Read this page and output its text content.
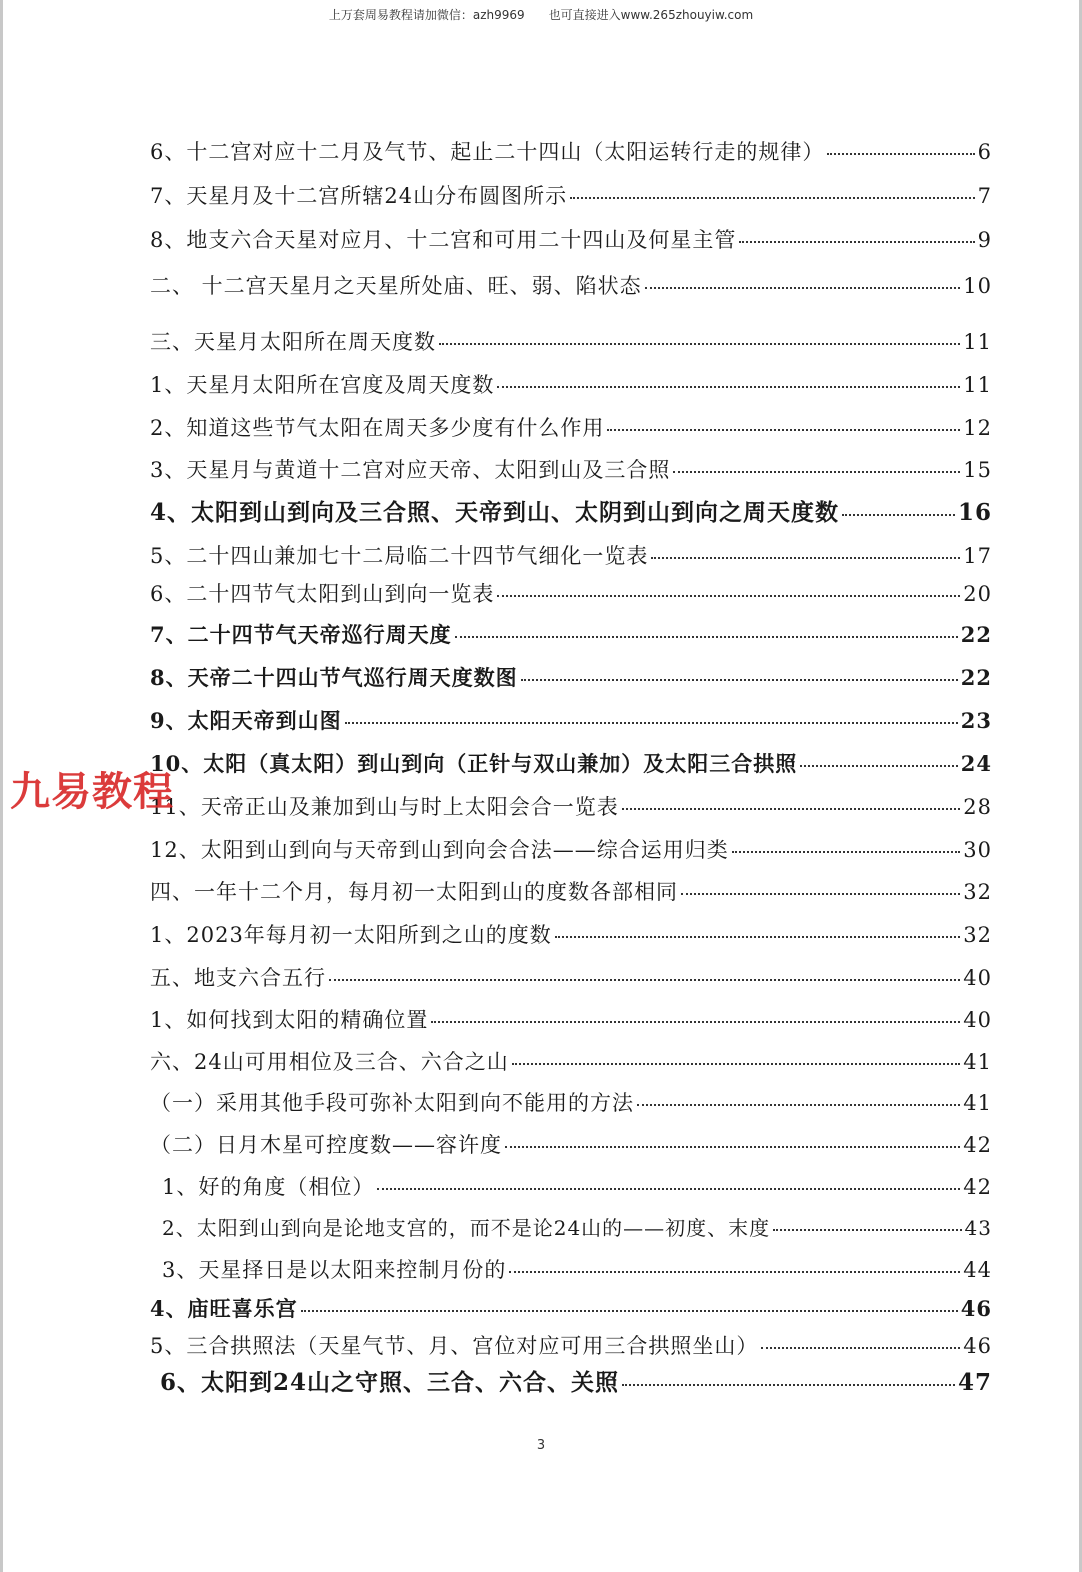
上万套周易教程请加微信：azh9969　　也可直接进入www.265zhouyiw.com
6、十二宫对应十二月及气节、起止二十四山（太阳运转行走的规律）	6
7、天星月及十二宫所辖24山分布圆图所示	7
8、地支六合天星对应月、十二宫和可用二十四山及何星主管	9
二、 十二宫天星月之天星所处庙、旺、弱、陷状态	10
三、天星月太阳所在周天度数	11
1、天星月太阳所在宫度及周天度数	11
2、知道这些节气太阳在周天多少度有什么作用	12
3、天星月与黄道十二宫对应天帝、太阳到山及三合照	15
4、太阳到山到向及三合照、天帝到山、太阴到山到向之周天度数	16
5、二十四山兼加七十二局临二十四节气细化一览表	17
6、二十四节气太阳到山到向一览表	20
7、二十四节气天帝巡行周天度	22
8、天帝二十四山节气巡行周天度数图	22
9、太阳天帝到山图	23
10、太阳（真太阳）到山到向（正针与双山兼加）及太阳三合拱照	24
11、天帝正山及兼加到山与时上太阳会合一览表	28
12、太阳到山到向与天帝到山到向会合法——综合运用归类	30
四、一年十二个月，每月初一太阳到山的度数各部相同	32
1、2023年每月初一太阳所到之山的度数	32
五、地支六合五行	40
1、如何找到太阳的精确位置	40
六、24山可用相位及三合、六合之山	41
（一）采用其他手段可弥补太阳到向不能用的方法	41
（二）日月木星可控度数——容许度	42
1、好的角度（相位）	42
2、太阳到山到向是论地支宫的，而不是论24山的——初度、末度	43
3、天星择日是以太阳来控制月份的	44
4、庙旺喜乐宫	46
5、三合拱照法（天星气节、月、宫位对应可用三合拱照坐山）	46
6、太阳到24山之守照、三合、六合、关照	47
九易教程
3
